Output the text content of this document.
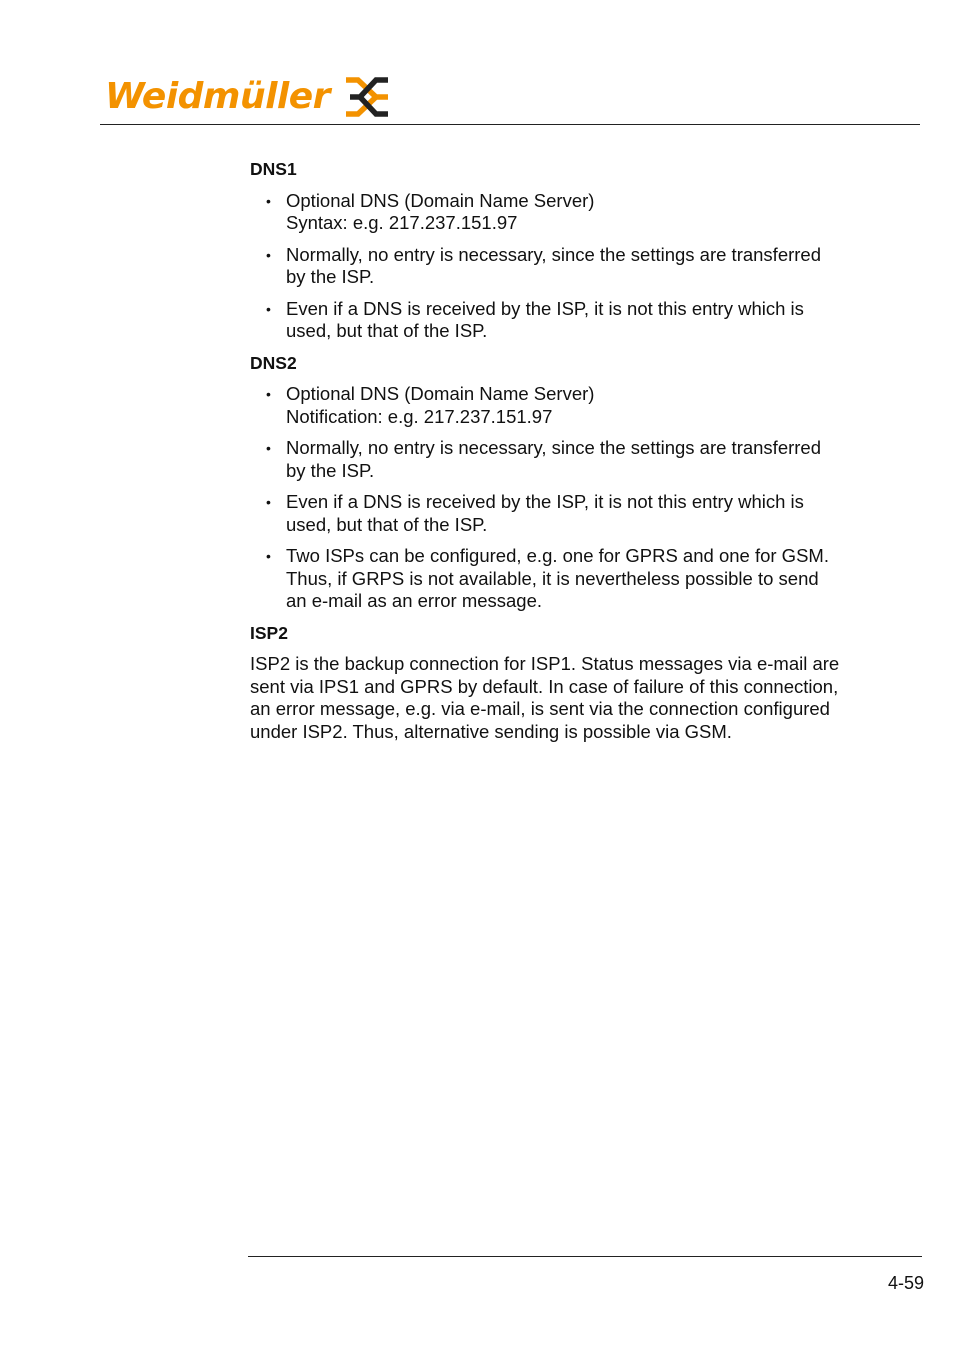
Weidmüller
DNS1
• Optional DNS (Domain Name Server)
Syntax: e.g. 217.237.151.97
• Normally, no entry is necessary, since the settings are transferred
by the ISP.
• Even if a DNS is received by the ISP, it is not this entry which is
used, but that of the ISP.
DNS2
• Optional DNS (Domain Name Server)
Notification: e.g. 217.237.151.97
• Normally, no entry is necessary, since the settings are transferred
by the ISP.
• Even if a DNS is received by the ISP, it is not this entry which is
used, but that of the ISP.
• Two ISPs can be configured, e.g. one for GPRS and one for GSM.
Thus, if GRPS is not available, it is nevertheless possible to send
an e-mail as an error message.
ISP2

ISP2 is the backup connection for ISP1. Status messages via e-mail are
sent via IPS1 and GPRS by default. In case of failure of this connection,
an error message, e.g. via e-mail, is sent via the connection configured
under ISP2. Thus, alternative sending is possible via GSM.

4-59
